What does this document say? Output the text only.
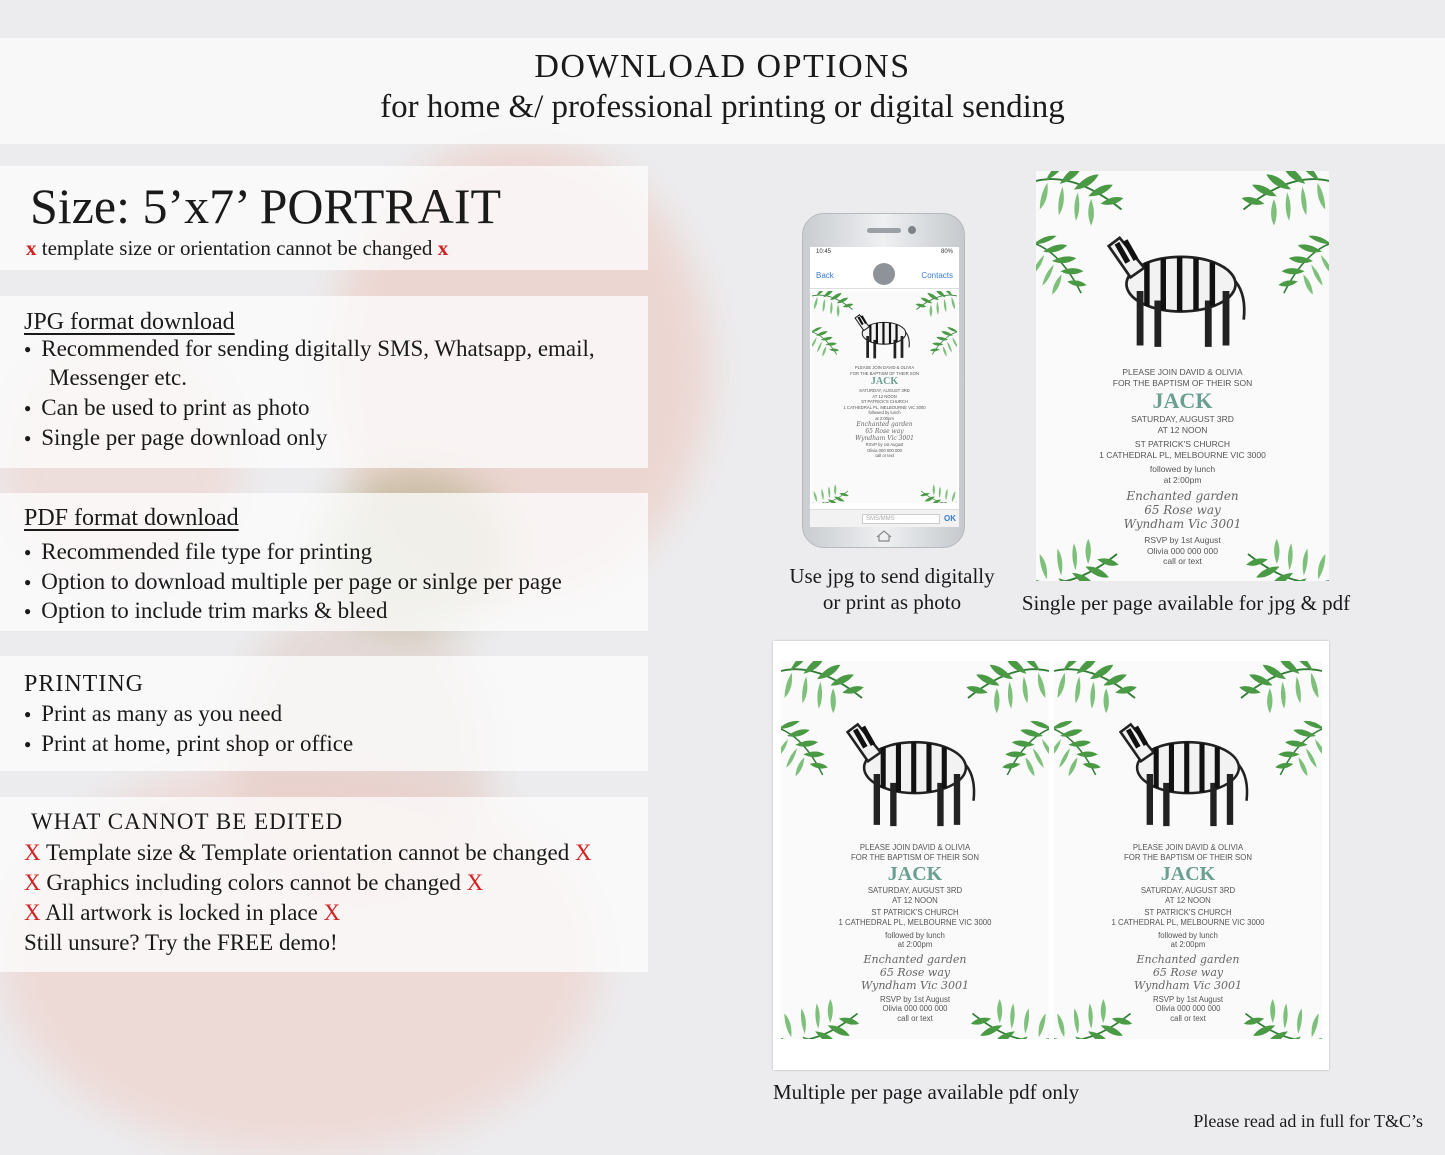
DOWNLOAD OPTIONS
for home &/ professional printing or digital sending
Size: 5’x7’ PORTRAIT
x template size or orientation cannot be changed x
JPG format download
● Recommended for sending digitally SMS, Whatsapp, email,
Messenger etc.
● Can be used to print as photo
● Single per page download only
PDF format download
● Recommended file type for printing
● Option to download multiple per page or sinlge per page
● Option to include trim marks & bleed
PRINTING
● Print as many as you need
● Print at home, print shop or office
WHAT CANNOT BE EDITED
X Template size & Template orientation cannot be changed X
X Graphics including colors cannot be changed X
X All artwork is locked in place X
Still unsure? Try the FREE demo!
10:45	80%
Back	Contacts
PLEASE JOIN DAVID & OLIVIA
FOR THE BAPTISM OF THEIR SON
JACK
SATURDAY, AUGUST 3RD
AT 12 NOON
ST PATRICK'S CHURCH
1 CATHEDRAL PL, MELBOURNE VIC 3000
followed by lunch
at 2:00pm
Enchanted garden
65 Rose way
Wyndham Vic 3001
RSVP by 1st August
Olivia 000 000 000
call or text
SMS/MMS	OK
Use jpg to send digitally
or print as photo
PLEASE JOIN DAVID & OLIVIA
FOR THE BAPTISM OF THEIR SON
JACK
SATURDAY, AUGUST 3RD
AT 12 NOON
ST PATRICK'S CHURCH
1 CATHEDRAL PL, MELBOURNE VIC 3000
followed by lunch
at 2:00pm
Enchanted garden
65 Rose way
Wyndham Vic 3001
RSVP by 1st August
Olivia 000 000 000
call or text
Single per page available for jpg & pdf
PLEASE JOIN DAVID & OLIVIA
FOR THE BAPTISM OF THEIR SON
JACK
SATURDAY, AUGUST 3RD
AT 12 NOON
ST PATRICK'S CHURCH
1 CATHEDRAL PL, MELBOURNE VIC 3000
followed by lunch
at 2:00pm
Enchanted garden
65 Rose way
Wyndham Vic 3001
RSVP by 1st August
Olivia 000 000 000
call or text
PLEASE JOIN DAVID & OLIVIA
FOR THE BAPTISM OF THEIR SON
JACK
SATURDAY, AUGUST 3RD
AT 12 NOON
ST PATRICK'S CHURCH
1 CATHEDRAL PL, MELBOURNE VIC 3000
followed by lunch
at 2:00pm
Enchanted garden
65 Rose way
Wyndham Vic 3001
RSVP by 1st August
Olivia 000 000 000
call or text
Multiple per page available pdf only
Please read ad in full for T&C’s
